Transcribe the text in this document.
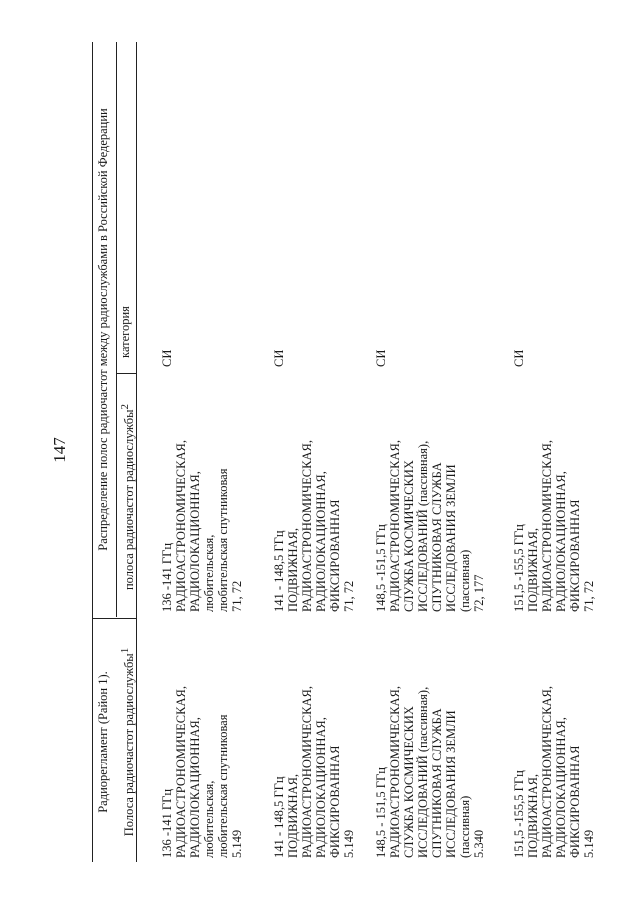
147
Радиорегламент (Район 1).
Распределение полос радиочастот между радиослужбами в Российской Федерации
Полоса радиочастот радиослужбы$^1$
полоса радиочастот радиослужбы$^2$
категория
136 -141 ГГц РАДИОАСТРОНОМИЧЕСКАЯ, РАДИОЛОКАЦИОННАЯ, любительская, любительская спутниковая 5.149
136 -141 ГГц РАДИОАСТРОНОМИЧЕСКАЯ, РАДИОЛОКАЦИОННАЯ, любительская, любительская спутниковая 71, 72
СИ
141 - 148,5 ГГц ПОДВИЖНАЯ, РАДИОАСТРОНОМИЧЕСКАЯ, РАДИОЛОКАЦИОННАЯ, ФИКСИРОВАННАЯ 5.149
141 - 148,5 ГГц ПОДВИЖНАЯ, РАДИОАСТРОНОМИЧЕСКАЯ, РАДИОЛОКАЦИОННАЯ, ФИКСИРОВАННАЯ 71, 72
СИ
148,5 - 151,5 ГГц РАДИОАСТРОНОМИЧЕСКАЯ, СЛУЖБА КОСМИЧЕСКИХ ИССЛЕДОВАНИЙ (пассивная), СПУТНИКОВАЯ СЛУЖБА ИССЛЕДОВАНИЯ ЗЕМЛИ (пассивная) 5.340
148,5 -151,5 ГГц РАДИОАСТРОНОМИЧЕСКАЯ, СЛУЖБА КОСМИЧЕСКИХ ИССЛЕДОВАНИЙ (пассивная), СПУТНИКОВАЯ СЛУЖБА ИССЛЕДОВАНИЯ ЗЕМЛИ (пассивная) 72, 177
СИ
151,5 -155,5 ГГц ПОДВИЖНАЯ, РАДИОАСТРОНОМИЧЕСКАЯ, РАДИОЛОКАЦИОННАЯ, ФИКСИРОВАННАЯ 5.149
151,5 -155,5 ГГц ПОДВИЖНАЯ, РАДИОАСТРОНОМИЧЕСКАЯ, РАДИОЛОКАЦИОННАЯ, ФИКСИРОВАННАЯ 71, 72
СИ
